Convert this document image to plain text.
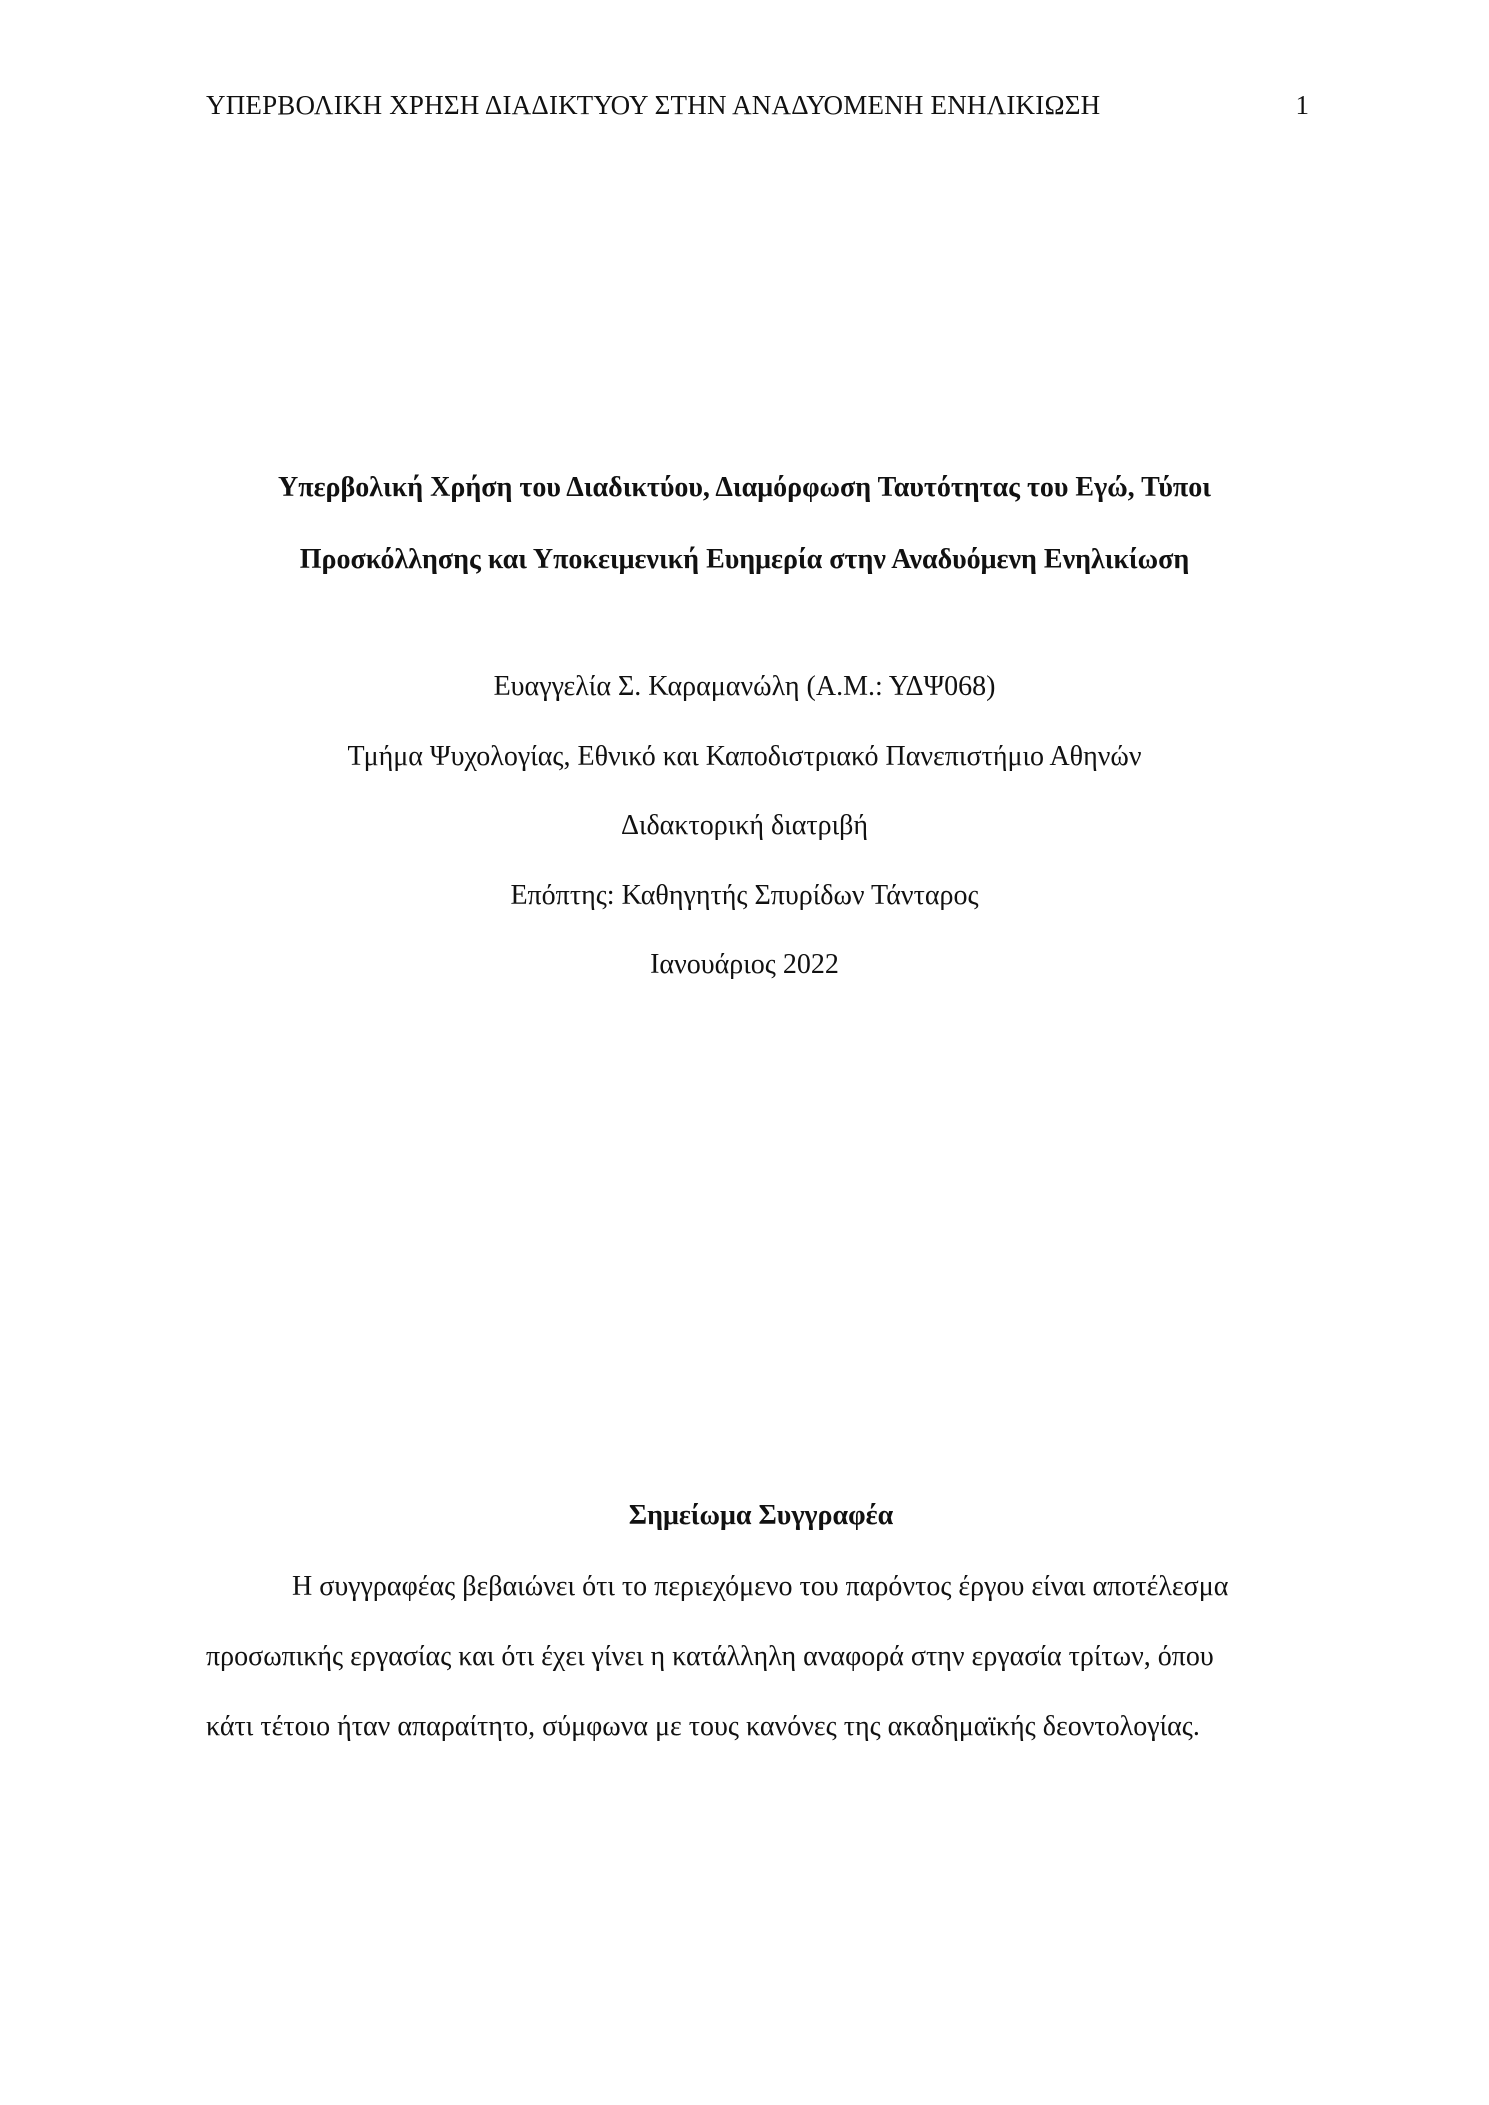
ΥΠΕΡΒΟΛΙΚΗ ΧΡΗΣΗ ΔΙΑΔΙΚΤΥΟΥ ΣΤΗΝ ΑΝΑΔΥΟΜΕΝΗ ΕΝΗΛΙΚΙΩΣΗ	1
Υπερβολική Χρήση του Διαδικτύου, Διαμόρφωση Ταυτότητας του Εγώ, Τύποι
Προσκόλλησης και Υποκειμενική Ευημερία στην Αναδυόμενη Ενηλικίωση
Ευαγγελία Σ. Καραμανώλη (Α.Μ.: ΥΔΨ068)
Τμήμα Ψυχολογίας, Εθνικό και Καποδιστριακό Πανεπιστήμιο Αθηνών
Διδακτορική διατριβή
Επόπτης: Καθηγητής Σπυρίδων Τάνταρος
Ιανουάριος 2022
Σημείωμα Συγγραφέα
Η συγγραφέας βεβαιώνει ότι το περιεχόμενο του παρόντος έργου είναι αποτέλεσμα
προσωπικής εργασίας και ότι έχει γίνει η κατάλληλη αναφορά στην εργασία τρίτων, όπου
κάτι τέτοιο ήταν απαραίτητο, σύμφωνα με τους κανόνες της ακαδημαϊκής δεοντολογίας.
